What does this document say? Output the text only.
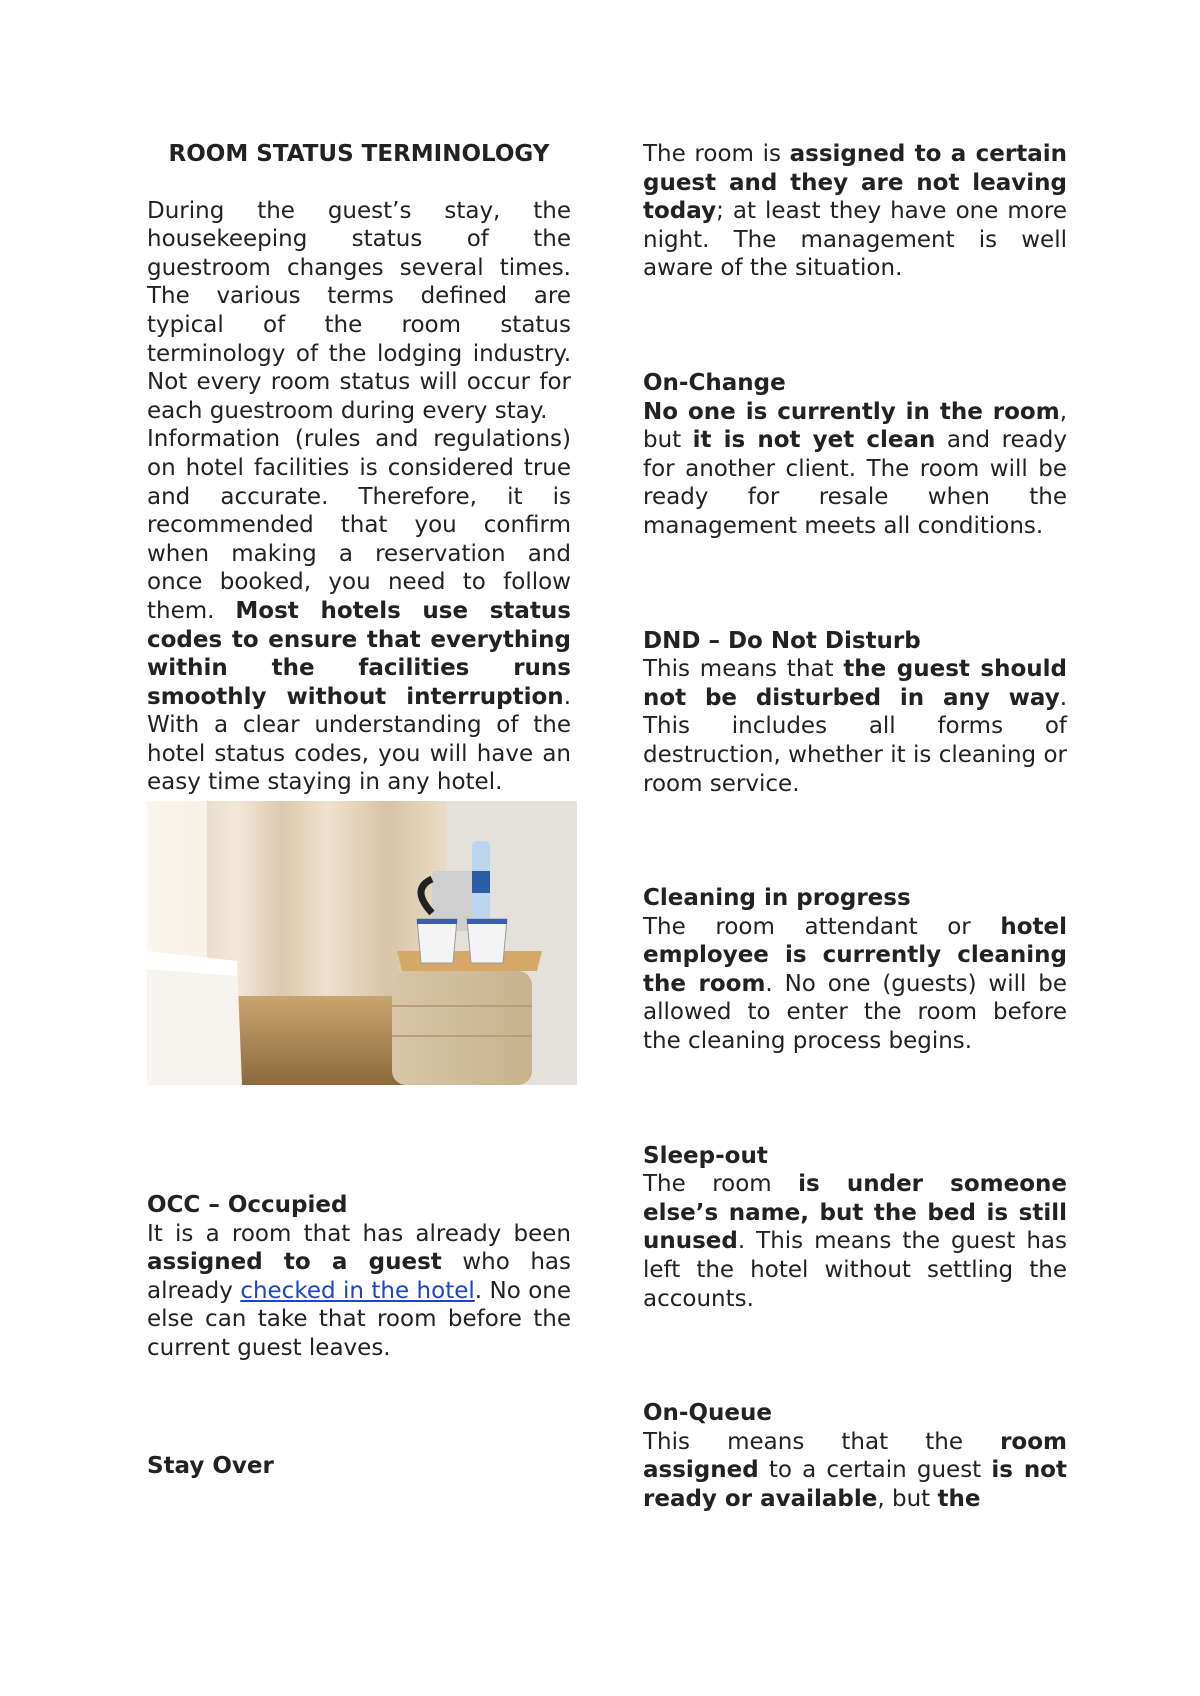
ROOM STATUS TERMINOLOGY

During the guest’s stay, the housekeeping status of the guestroom changes several times. The various terms defined are typical of the room status terminology of the lodging industry. Not every room status will occur for each guestroom during every stay.

Information (rules and regulations) on hotel facilities is considered true and accurate. Therefore, it is recommended that you confirm when making a reservation and once booked, you need to follow them. Most hotels use status codes to ensure that everything within the facilities runs smoothly without interruption. With a clear understanding of the hotel status codes, you will have an easy time staying in any hotel.

OCC – Occupied

It is a room that has already been assigned to a guest who has already checked in the hotel. No one else can take that room before the current guest leaves.

Stay Over

The room is assigned to a certain guest and they are not leaving today; at least they have one more night. The management is well aware of the situation.

On-Change

No one is currently in the room, but it is not yet clean and ready for another client. The room will be ready for resale when the management meets all conditions.

DND – Do Not Disturb

This means that the guest should not be disturbed in any way. This includes all forms of destruction, whether it is cleaning or room service.

Cleaning in progress

The room attendant or hotel employee is currently cleaning the room. No one (guests) will be allowed to enter the room before the cleaning process begins.

Sleep-out

The room is under someone else’s name, but the bed is still unused. This means the guest has left the hotel without settling the accounts.

On-Queue

This means that the room assigned to a certain guest is not ready or available, but the
